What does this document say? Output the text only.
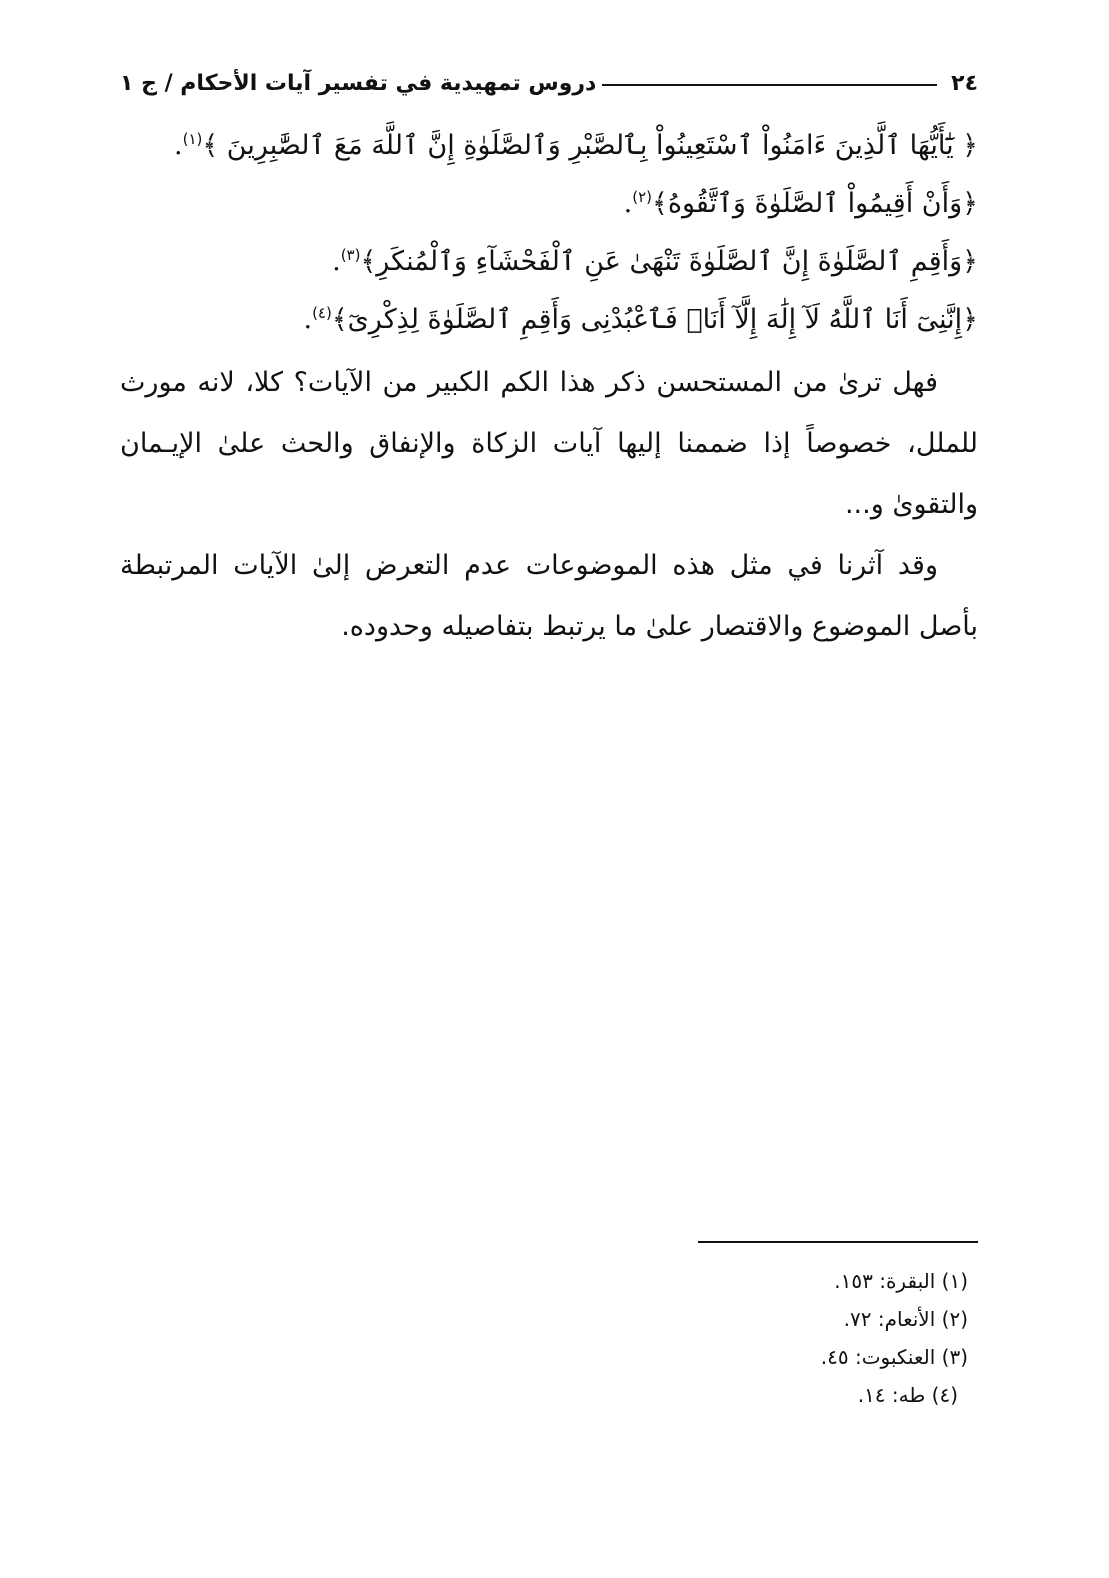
٢٤
دروس تمهيدية في تفسير آيات الأحكام / ج ١
﴿ يَٰٓأَيُّهَا ٱلَّذِينَ ءَامَنُواْ ٱسْتَعِينُواْ بِٱلصَّبْرِ وَٱلصَّلَوٰةِ إِنَّ ٱللَّهَ مَعَ ٱلصَّٰبِرِينَ ﴾$^{(١)}$.
﴿وَأَنْ أَقِيمُواْ ٱلصَّلَوٰةَ وَٱتَّقُوهُ﴾$^{(٢)}$.
﴿وَأَقِمِ ٱلصَّلَوٰةَ إِنَّ ٱلصَّلَوٰةَ تَنْهَىٰ عَنِ ٱلْفَحْشَآءِ وَٱلْمُنكَرِ﴾$^{(٣)}$.
﴿إِنَّنِىٓ أَنَا ٱللَّهُ لَآ إِلَٰهَ إِلَّآ أَنَا۠ فَٱعْبُدْنِى وَأَقِمِ ٱلصَّلَوٰةَ لِذِكْرِىٓ﴾$^{(٤)}$.

فهل ترىٰ من المستحسن ذكر هذا الكم الكبير من الآيات؟ كلا، لانه مورث للملل، خصوصاً إذا ضممنا إليها آيات الزكاة والإنفاق والحث علىٰ الإيـمان والتقوىٰ و...

وقد آثرنا في مثل هذه الموضوعات عدم التعرض إلىٰ الآيات المرتبطة بأصل الموضوع والاقتصار علىٰ ما يرتبط بتفاصيله وحدوده.

(١) البقرة: ١٥٣.
(٢) الأنعام: ٧٢.
(٣) العنكبوت: ٤٥.
(٤) طه: ١٤.
